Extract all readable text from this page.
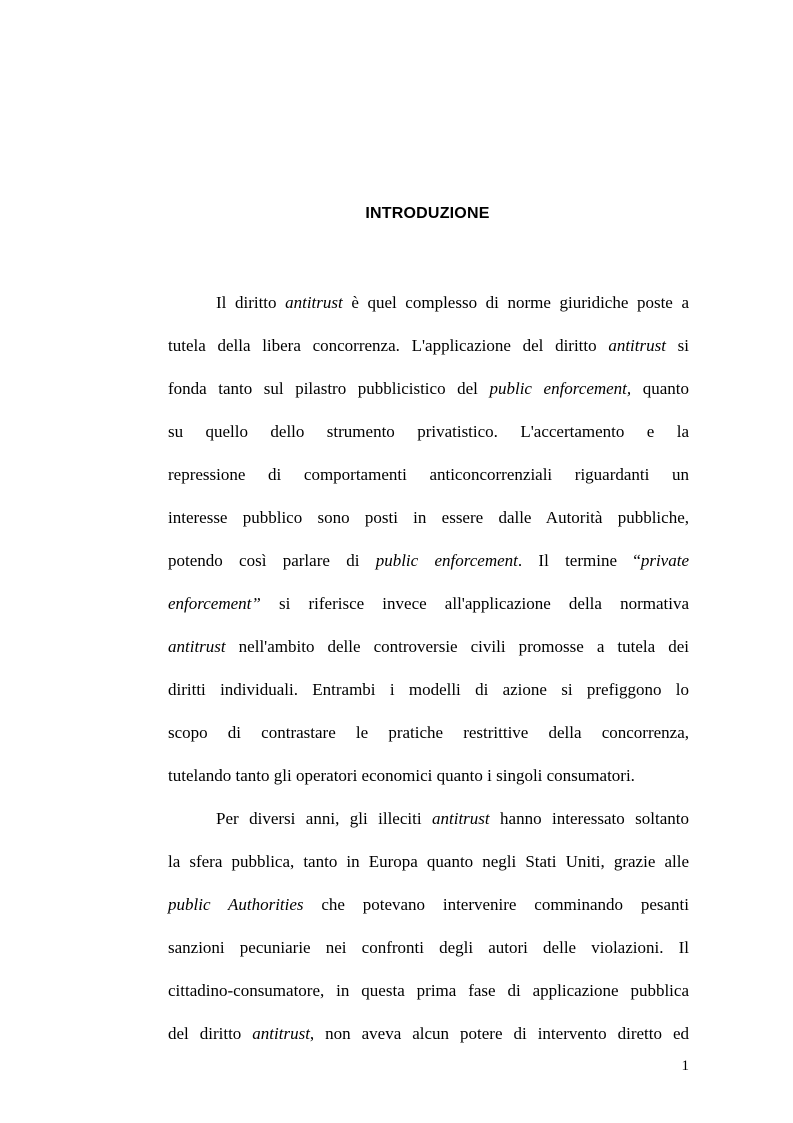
INTRODUZIONE
Il diritto antitrust è quel complesso di norme giuridiche poste a
tutela della libera concorrenza. L'applicazione del diritto antitrust si
fonda tanto sul pilastro pubblicistico del public enforcement, quanto
su quello dello strumento privatistico. L'accertamento e la
repressione di comportamenti anticoncorrenziali riguardanti un
interesse pubblico sono posti in essere dalle Autorità pubbliche,
potendo così parlare di public enforcement. Il termine “private
enforcement” si riferisce invece all'applicazione della normativa
antitrust nell'ambito delle controversie civili promosse a tutela dei
diritti individuali. Entrambi i modelli di azione si prefiggono lo
scopo di contrastare le pratiche restrittive della concorrenza,
tutelando tanto gli operatori economici quanto i singoli consumatori.
Per diversi anni, gli illeciti antitrust hanno interessato soltanto
la sfera pubblica, tanto in Europa quanto negli Stati Uniti, grazie alle
public Authorities che potevano intervenire comminando pesanti
sanzioni pecuniarie nei confronti degli autori delle violazioni. Il
cittadino-consumatore, in questa prima fase di applicazione pubblica
del diritto antitrust, non aveva alcun potere di intervento diretto ed
1
